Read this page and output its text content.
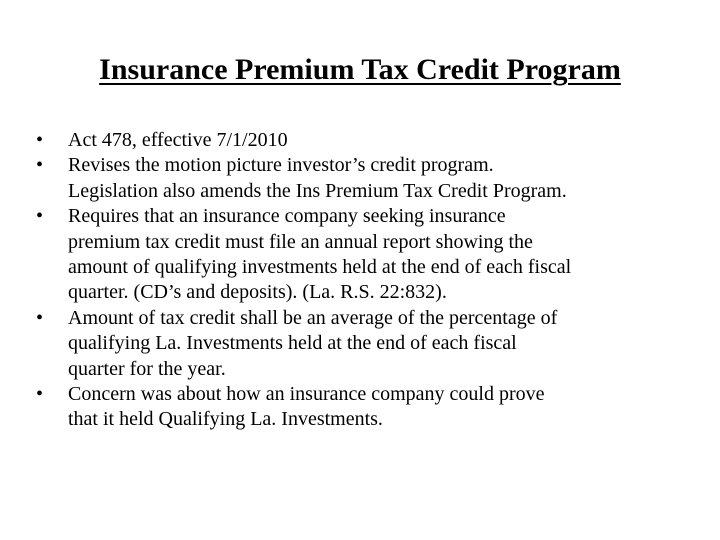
Insurance Premium Tax Credit Program
•	Act 478, effective 7/1/2010
•	Revises the motion picture investor’s credit program.
Legislation also amends the Ins Premium Tax Credit Program.
•	Requires that an insurance company seeking insurance
premium tax credit must file an annual report showing the
amount of qualifying investments held at the end of each fiscal
quarter. (CD’s and deposits). (La. R.S. 22:832).
•	Amount of tax credit shall be an average of the percentage of
qualifying La. Investments held at the end of each fiscal
quarter for the year.
•	Concern was about how an insurance company could prove
that it held Qualifying La. Investments.
